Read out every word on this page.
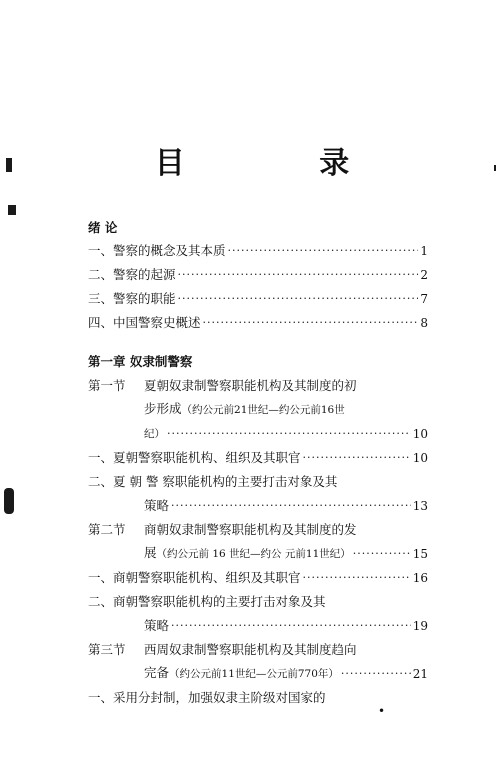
目 录
绪 论
一、警察的概念及其本质 ·····	1
二、警察的起源 ·····	2
三、警察的职能 ·····	7
四、中国警察史概述 ·····	8
第一章 奴隶制警察
第一节 夏朝奴隶制警察职能机构及其制度的初
步形成（约公元前21世纪—约公元前16世
纪） ·····	10
一、夏朝警察职能机构、组织及其职官 ·····	10
二、夏 朝 警 察职能机构的主要打击对象及其
策略 ·····	13
第二节 商朝奴隶制警察职能机构及其制度的发
展（约公元前 16 世纪—约公 元前11世纪） ·····	15
一、商朝警察职能机构、组织及其职官 ·····	16
二、商朝警察职能机构的主要打击对象及其
策略 ·····	19
第三节 西周奴隶制警察职能机构及其制度趋向
完备（约公元前11世纪—公元前770年） ·····	21
一、采用分封制，加强奴隶主阶级对国家的
•
